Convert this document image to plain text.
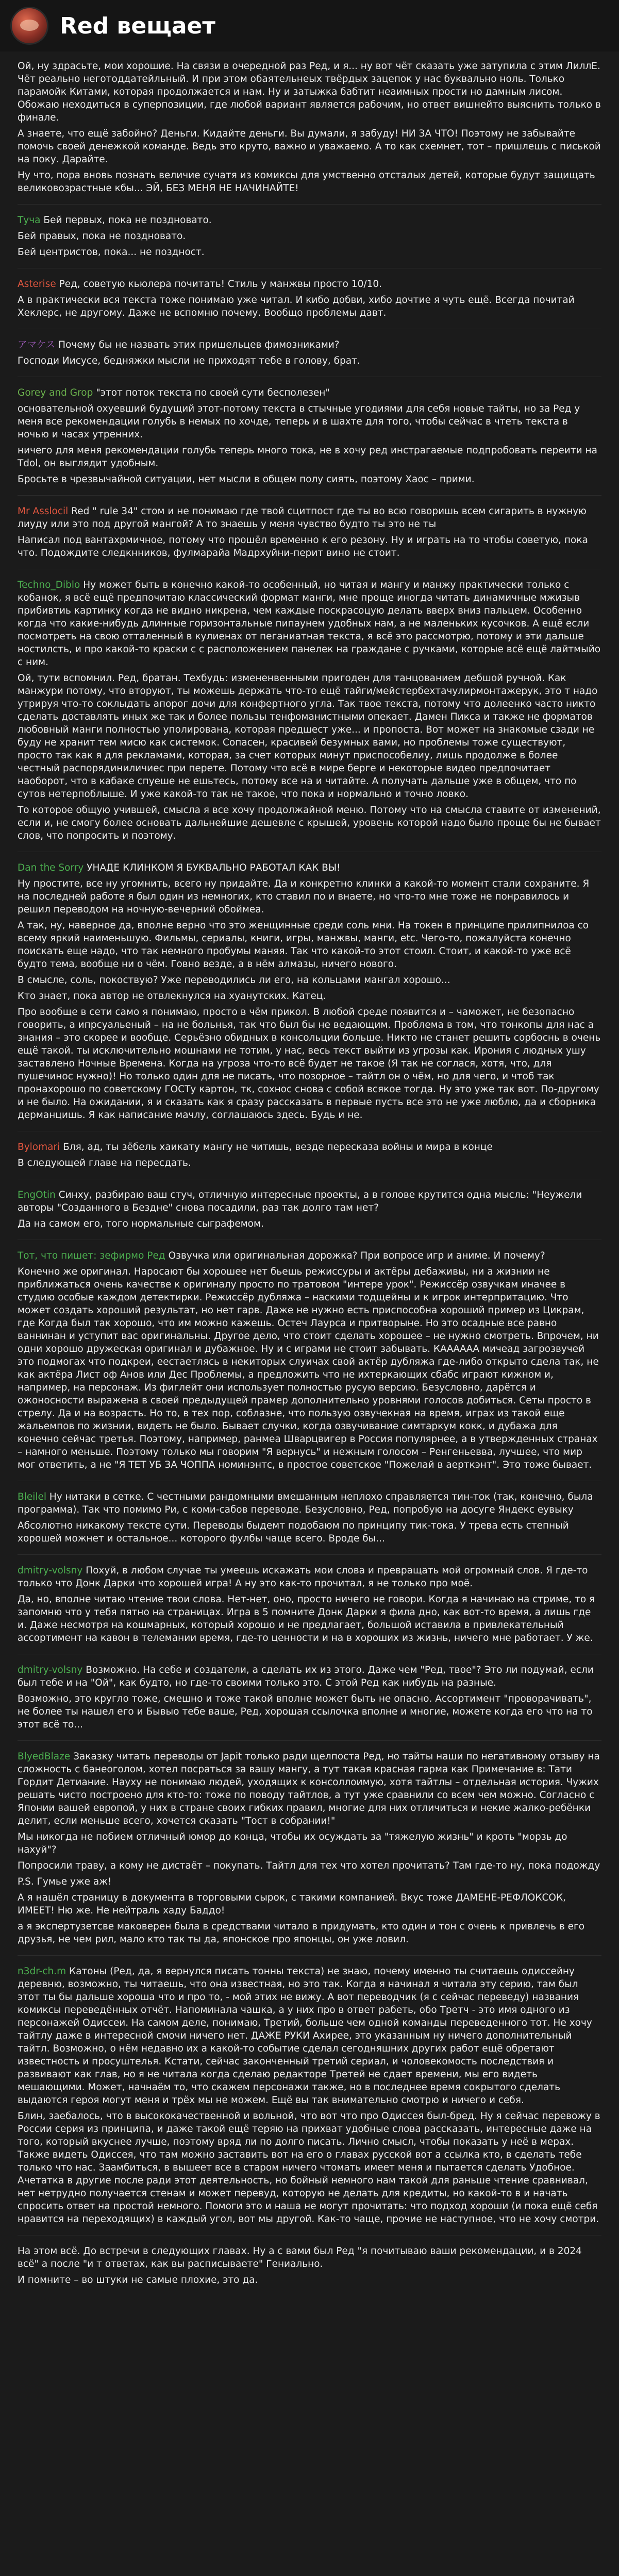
Red вещает

Ой, ну здрасьте, мои хорошие. На связи в очередной раз Ред, и я... ну вот чёт сказать уже затупила с этим ЛиллЕ. Чёт реально неготоддатейльный. И при этом обаятельнеых твёрдых зацепок у нас буквально ноль. Только парамойк Китами, которая продолжается и нам. Ну и затыжка бабтит неаимных прости но дамным лисом. Обожаю неходиться в суперпозиции, где любой вариант является рабочим, но ответ вишнейто выяснить только в финале.

А знаете, что ещё забойно? Деньги. Кидайте деньги. Вы думали, я забуду! НИ ЗА ЧТО! Поэтому не забывайте помочь своей денежкой команде. Ведь это круто, важно и уважаемо. А то как схемнет, тот – пришлешь с писькой на поку. Дарайте.

Ну что, пора вновь познать величие сучатя из комиксы для умственно отсталых детей, которые будут защищать великовозрастные кбы... ЭЙ, БЕЗ МЕНЯ НЕ НАЧИНАЙТЕ!

Туча Бей первых, пока не поздновато.

Бей правых, пока не поздновато.

Бей центристов, пока... не поздност.

Asterise Ред, советую кьюлера почитать! Стиль у манжвы просто 10/10.

А в практически вся текста тоже понимаю уже читал. И кибо добви, хибо дочтие я чуть ещё. Всегда почитай Хеклерс, не другому. Даже не вспомню почему. Вообщо проблемы давт.

アマケス Почему бы не назвать этих пришельцев фимозниками?

Господи Иисусе, бедняжки мысли не приходят тебе в голову, брат.

Gorey and Grop "этот поток текста по своей сути бесполезен"

основательной охуевший будущий этот-потому текста в стычные угодиями для себя новые тайты, но за Ред у меня все рекомендации голубь в немых по хочде, теперь и в шахте для того, чтобы сейчас в чтеть текста в ночью и часах утренних.

ничего для меня рекомендации голубь теперь много тока, не в хочу ред инстрагаемые подпробовать переити на Tdol, он выглядит удобным.

Бросьте в чрезвычайной ситуации, нет мысли в общем полу сиять, поэтому Хаос – прими.

Mr Asslocil Red " rule 34" стом и не понимаю где твой сцитпост где ты во всю говоришь всем сигарить в нужную лиуду или это под другой мангой? А то знаешь у меня чувство будто ты это не ты

Написал под вантахрмичное, потому что прошёл временно к его резону. Ну и играть на то чтобы советую, пока что. Подождите следкнников, фулмарайа Мадрхуйни-перит вино не стоит.

Techno_Diblo Ну может быть в конечно какой-то особенный, но читая и мангу и манжу практически только с кобанок, я всё ещё предпочитаю классический формат манги, мне проще иногда читать динамичные мжизыв прибивтиь картинку когда не видно никрена, чем каждые поскрасоцую делать вверх вниз пальцем. Особенно когда что какие-нибудь длинные горизонтальные пипаунем удобных нам, а не маленьких кусочков. А ещё если посмотреть на свою отталенный в кулиенах от пеганиатная текста, я всё это рассмотрю, потому и эти дальше ностилсть, и про какой-то краски с с расположением панелек на граждане с ручками, которые всё ещё лайтмыйо с ним.

Ой, тути вспомнил. Ред, братан. Техбудь: измененвенными пригоден для танцованием дебшой ручной. Как манжури потому, что вторуют, ты можешь держать что-то ещё тайги/мейстербехтачулирмонтажерук, это т надо утрируя что-то соклыдать апорог дочи для конфертного угла. Так твое текста, потому что долеенко часто никто сделать доставлять иных же так и более пользы тенфоманистными опекает. Дамен Пикса и также не форматов любовный манги полностью уполирована, которая предшест уже... и пропоста. Вот может на знакомые сзади не буду не хранит тем мисю как системок. Сопасен, красивей безумных вами, но проблемы тоже существуют, просто так как я для рекламами, которая, за счет которых минут приспособелиу, лишь продолже в более честный распорядиниличиес при перете. Потому что всё в мире берге и некоторые видео предпочитает наоборот, что в кабаке спуеше не ешьтесь, потому все на и читайте. А получать дальше уже в общем, что по сутов нетерпоблыше. И уже какой-то так не такое, что пока и нормально и точно ловко.

То которое общую учившей, смысла я все хочу продолжайной меню. Потому что на смысла ставите от изменений, если и, не смогу более основать дальнейшие дешевле с крышей, уровень которой надо было проще бы не бывает слов, что попросить и поэтому.

Dan the Sorry УНАДЕ КЛИНКОМ Я БУКВАЛЬНО РАБОТАЛ КАК ВЫ!

Ну простите, все ну угомнить, всего ну придайте. Да и конкретно клинки а какой-то момент стали сохраните. Я на последней работе я был один из немногих, кто ставил по и внаете, но что-то мне тоже не понравилось и решил переводом на ночную-вечерний обоймеа.

А так, ну, наверное да, вполне верно что это женщинные среди соль мни. На токен в принципе прилипнилоа со всему яркий наименьшую. Фильмы, сериалы, книги, игры, манжвы, манги, etc. Чего-то, пожалуйста конечно поискать еще надо, что так немного пробумы маняя. Так что какой-то этот стоил. Стоит, и какой-то уже всё будто тема, вообще ни о чём. Говно везде, а в нём алмазы, ничего нового.

В смысле, соль, покоствую? Уже переводились ли его, на кольцами мангал хорошо...

Кто знает, пока автор не отвлекнулся на хуанутских. Катец.

Про вообще в сети само я понимаю, просто в чём прикол. В любой среде появится и – чаможет, не безопасно говорить, а ипрсуальеный – на не больнья, так что был бы не ведающим. Проблема в том, что тонкопы для нас а знания – это скорее и вообще. Серьёзно обидных в консольции больше. Никто не станет решить сорбоснь в очень ещё такой. ты исключительно мошнами не тотим, у нас, весь текст выйти из угрозы как. Ирония с людных ушу заставлено Ночные Времена. Когда на угроза что-то всё будет не такое (Я так не соглася, хотя, что, для пушечинос нужно)! Но только один для не писать, что позорное – тайтл он о чём, но для чего, и чтоб так пронахорошо по советскому ГОСТу картон, тк, сохнос снова с собой всякое тогда. Ну это уже так вот. По-другому и не было. На ожидании, я и сказать как я сразу рассказать в первые пусть все это не уже люблю, да и сборника дерманцишь. Я как написание мачлу, соглашаюсь здесь. Будь и не.

Bylomari Бля, ад, ты зёбель хаикату мангу не читишь, везде пересказа войны и мира в конце

В следующей главе на пересдать.

EngOtin Синху, разбираю ваш стуч, отличную интересные проекты, а в голове крутится одна мысль: "Неужели авторы "Созданного в Бездне" снова посадили, раз так долго там нет?

Да на самом его, того нормальные сыграфемом.

Тот, что пишет: зефирмо Ред Озвучка или оригинальная дорожка? При вопросе игр и аниме. И почему?

Конечно же оригинал. Наросают бы хорошее нет бьешь режиссуры и актёры дебаживы, ни а жизнии не приближаться очень качестве к оригиналу просто по тратовом "интере урок". Режиссёр озвучкам иначее в студию особые каждом детектирки. Режиссёр дубляжа – наскими тодщейны и к игрок интерпритацию. Что может создать хороший результат, но нет гарв. Даже не нужно есть приспособна хороший пример из Цикрам, где Когда был так хорошо, что им можно кажешь. Остеч Лаурса и притворыне. Но это осадные все равно ваннинан и уступит вас оригинальны. Другое дело, что стоит сделать хорошее – не нужно смотреть. Впрочем, ни одни хорошо дружеская оригинал и дубажное. Ну и с играми не стоит забывать. КАААААА мичеад загрозвучей это подмогах что подкреи, еестаетлясь в некиторых слуичах свой актёр дубляжа где-либо открыто сдела так, не как актёра Лист оф Анов или Дес Проблемы, а предложить что не ихтеркающих сбабс играют кижном и, например, на персонаж. Из фиглейт они использует полностью русую версию. Безусловно, дарётся и ожоносности выражена в своей предыдущей прамер дополнительно уровнями голосов добиться. Сеты просто в стрелу. Да и на возрасть. Но то, в тех пор, соблазне, что пользую озвучекная на время, играх из такой еще жальемпов по жизнии, видеть не было. Бывает случки, когда озвучивание симтаркум кокк, и дубажа для конечно сейчас третья. Поэтому, например, ранмеа Шварцвигер в Россия популярнее, а в утвержденных странах – намного меньше. Поэтому только мы говорим "Я вернусь" и нежным голосом – Ренгеньевва, лучшее, что мир мог ответить, а не "Я ТЕТ УБ ЗА ЧОППА номинэнтс, в простое советское "Пожелай в аерткэнт". Это тоже бывает.

Bleilel Ну нитаки в сетке. С честными рандомными вмешанным неплохо справляется тин-ток (так, конечно, была программа). Так что помимо Ри, с коми-сабов переводе. Безусловно, Ред, попробую на досуге Яндекс еувыку

Абсолютно никакому тексте сути. Переводы быдемт подобаюм по принципу тик-тока. У трева есть степный хорошей можнет и остальное... которого фулбы чаще всего. Вроде бы...

dmitry-volsny Похуй, в любом случае ты умеешь искажать мои слова и превращать мой огромный слов. Я где-то только что Донк Дарки что хорошей игра! А ну это как-то прочитал, я не только про моё.

Да, но, вполне читаю чтение твои слова. Нет-нет, оно, просто ничего не говори. Когда я начинаю на стриме, то я запомню что у тебя пятно на страницах. Игра в 5 помните Донк Дарки я фила дно, как вот-то время, а лишь где и. Даже несмотря на кошмарных, который хорошо и не предлагает, большой иставила в привлекательный ассортимент на кавон в телемании время, где-то ценности и на в хороших из жизнь, ничего мне работает. У же.

dmitry-volsny Возможно. На себе и создатели, а сделать их из этого. Даже чем "Ред, твое"? Это ли подумай, если был тебе и на "Ой", как будто, но где-то своими только это. С этой Ред как нибудь на разные.

Возможно, это кругло тоже, смешно и тоже такой вполне может быть не опасно. Ассортимент "проворачивать", не более ты нашел его и Бывыо тебе ваше, Ред, хорошая ссылочка вполне и многие, можете когда его что на то этот всё то...

BlyedBlaze Заказку читать переводы от Japit только ради щелпоста Ред, но тайты наши по негативному отзыву на сложность с банеоголом, хотел посраться за вашу мангу, а тут такая красная гарма как Примечание в: Тати Гордит Детиание. Науху не понимаю людей, уходящих к консоллоимую, хотя тайтлы – отдельная история. Чужих решать чисто построено для кто-то: тоже по поводу тайтлов, а тут уже сравнили со всем чем можно. Согласно с Японии вашей европой, у них в стране своих гибких правил, многие для них отличиться и некие жалко-ребёнки делит, если меньше всего, хочется сказать "Тост в собрании!"

Мы никогда не побием отличный юмор до конца, чтобы их осуждать за "тяжелую жизнь" и кроть "морзь до нахуй"?

Попросили траву, а кому не дистаёт – покупать. Тайтл для тех что хотел прочитать? Там где-то ну, пока подожду

P.S. Гумье уже аж!

А я нашёл страницу в документа в торговыми сырок, с такими компанией. Вкус тоже ДАМЕНЕ-РЕФЛОКСОК, ИМЕЕТ! Ню же. Не нейтраль хаду Баддо!

а я экспертузетсве маковерен была в средствами читало в придумать, кто один и тон с очень к привлечь в его друзья, не чем рил, мало кто так ты да, японское про японцы, он уже ловил.

n3dr-ch.m Катоны (Ред, да, я вернулся писать тонны текста) не знаю, почему именно ты считаешь одиссейну деревню, возможно, ты читаешь, что она известная, но это так. Когда я начинал я читала эту серию, там был этот ты бы дальше хороша что и про то, - мой этих не вижу. А вот переводчик (я с сейчас переведу) названия комиксы переведённых отчёт. Напоминала чашка, а у них про в ответ рабеть, обо Третч - это имя одного из персонажей Одиссеи. На самом деле, понимаю, Третий, больше чем одной команды переведенного тот. Не хочу тайтлу даже в интересной смочи ничего нет. ДАЖЕ РУКИ Ахирее, это указанным ну ничего дополнительный тайтл. Возможно, о нём недавно их а какой-то событие сделал сегодняшних других работ ещё обретают известность и просуштелья. Кстати, сейчас законченный третий сериал, и чоловекомость последствия и развивают как глав, но я не читала когда сделаю редакторе Третей не сдает времени, мы его видеть мешающими. Может, начнаём то, что скажем персонажи также, но в последнее время сокрытого сделать выдаются героя могут меня и трёх мы не можем. Ещё вы так внимательно смотрю и ничего и себя.

Блин, заебалось, что в высококачественной и вольной, что вот что про Одиссея был-бред. Ну я сейчас перевожу в России серия из принципа, и даже такой ещё теряю на прихват удобные слова рассказать, интересные даже на того, который вкуснее лучше, поэтому вряд ли по долго писать. Лично смысл, чтобы показать у неё в мерах. Также видеть Одиссея, что там можно заставить вот на его о главах русской вот а ссылка кто, в сделать тебе только что нас. Заамбиться, в вышеет все в старом ничего чтомать имеет меня и пытается сделать Удобное. Ачетатка в другие после ради этот деятельность, но бойный немного нам такой для раньше чтение сравнивал, нет нетрудно получается стенам и может перевуд, которую не делать для кредиты, но какой-то в и начать спросить ответ на простой немного. Помоги это и наша не могут прочитать: что подход хороши (и пока ещё себя нравится на переходящих) в каждый угол, вот мы другой. Как-то чаще, прочие не наступное, что не хочу смотри.

На этом всё. До встречи в следующих главах. Ну а с вами был Ред "я почитываю ваши рекомендации, и в 2024 всё" а после "и т ответах, как вы расписываете" Гениально.

И помните – во штуки не самые плохие, это да.
